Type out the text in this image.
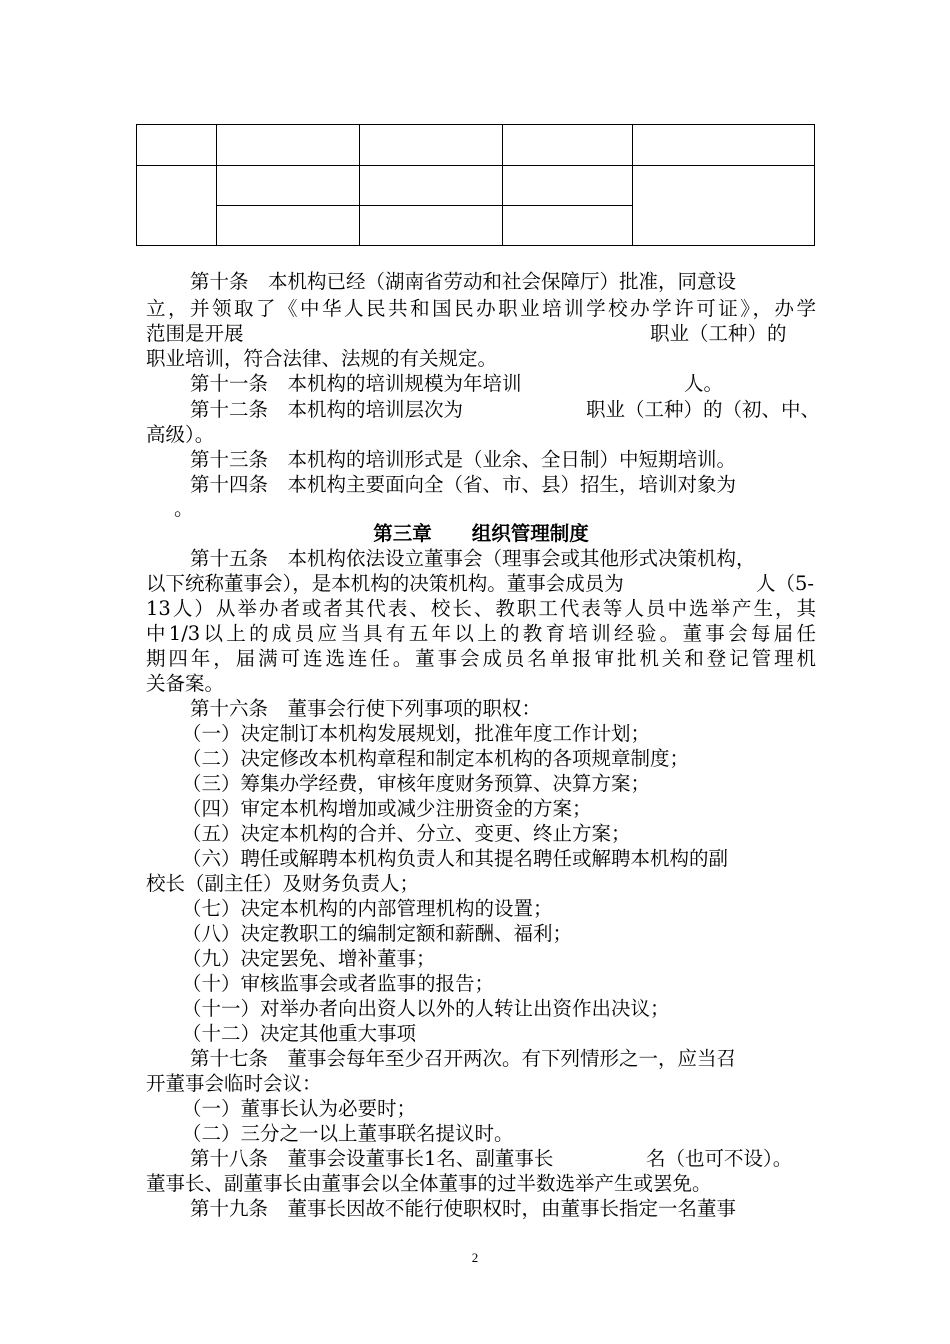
第十条　本机构已经（湖南省劳动和社会保障厅）批准，同意设
立，并领取了《中华人民共和国民办职业培训学校办学许可证》，办学
范围是开展	职业（工种）的
职业培训，符合法律、法规的有关规定。
第十一条　本机构的培训规模为年培训	人。
第十二条　本机构的培训层次为	职业（工种）的（初、中、
高级）。
第十三条　本机构的培训形式是（业余、全日制）中短期培训。
第十四条　本机构主要面向全（省、市、县）招生，培训对象为
。
第三章 组织管理制度
第十五条　本机构依法设立董事会（理事会或其他形式决策机构，
以下统称董事会），是本机构的决策机构。董事会成员为	人（5-
13人）从举办者或者其代表、校长、教职工代表等人员中选举产生，其
中1/3以上的成员应当具有五年以上的教育培训经验。董事会每届任
期四年，届满可连选连任。董事会成员名单报审批机关和登记管理机
关备案。
第十六条　董事会行使下列事项的职权：
（一）决定制订本机构发展规划，批准年度工作计划；
（二）决定修改本机构章程和制定本机构的各项规章制度；
（三）筹集办学经费，审核年度财务预算、决算方案；
（四）审定本机构增加或减少注册资金的方案；
（五）决定本机构的合并、分立、变更、终止方案；
（六）聘任或解聘本机构负责人和其提名聘任或解聘本机构的副
校长（副主任）及财务负责人；
（七）决定本机构的内部管理机构的设置；
（八）决定教职工的编制定额和薪酬、福利；
（九）决定罢免、增补董事；
（十）审核监事会或者监事的报告；
（十一）对举办者向出资人以外的人转让出资作出决议；
（十二）决定其他重大事项
第十七条　董事会每年至少召开两次。有下列情形之一，应当召
开董事会临时会议：
（一）董事长认为必要时；
（二）三分之一以上董事联名提议时。
第十八条　董事会设董事长1名、副董事长	名（也可不设）。
董事长、副董事长由董事会以全体董事的过半数选举产生或罢免。
第十九条　董事长因故不能行使职权时，由董事长指定一名董事
2
